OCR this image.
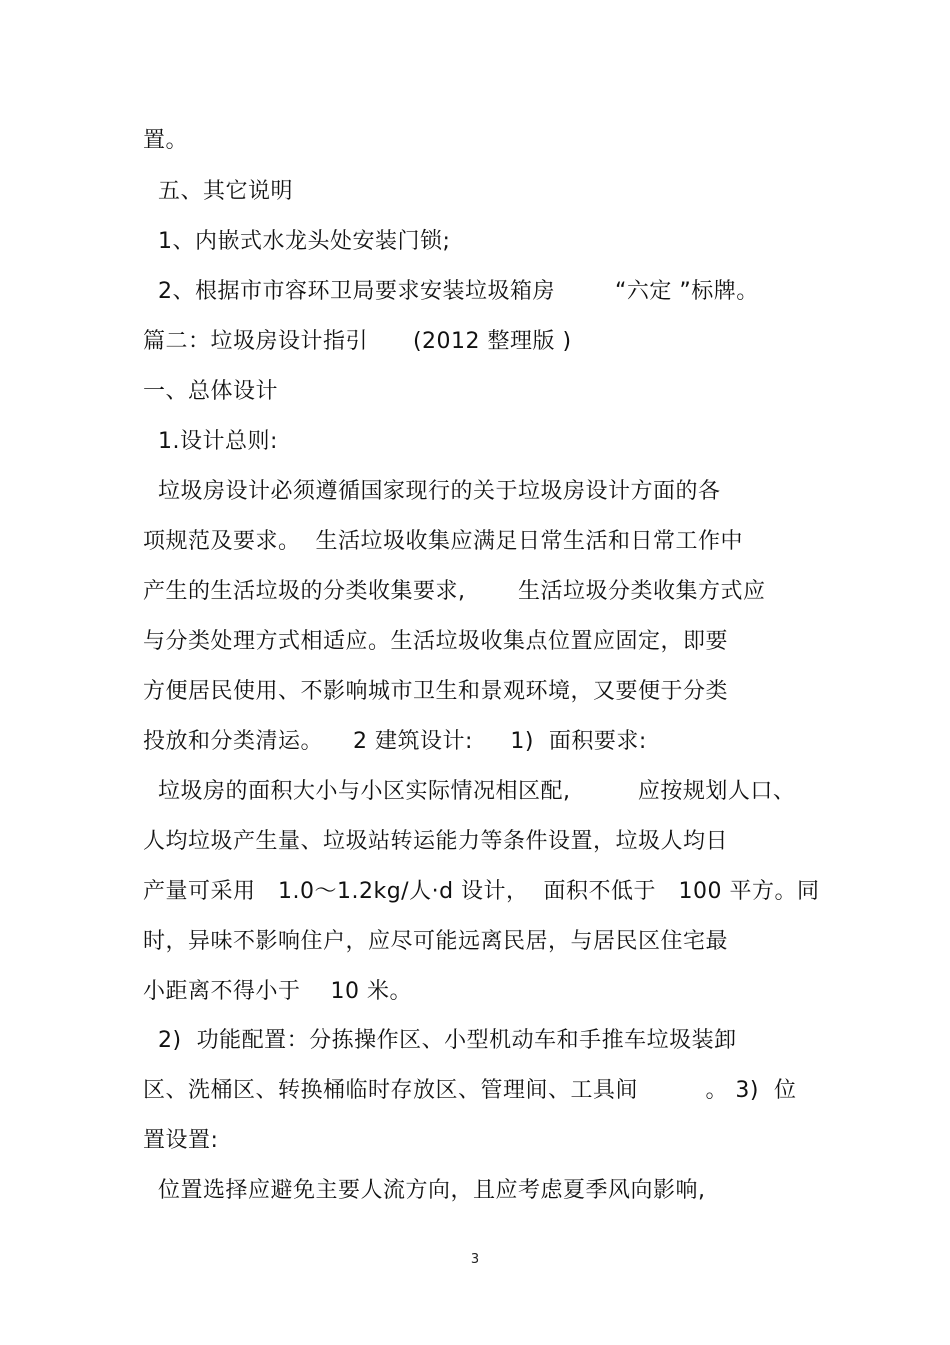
置。
五、其它说明
1、内嵌式水龙头处安装门锁;
2、根据市市容环卫局要求安装垃圾箱房        “六定 ”标牌。
篇二：垃圾房设计指引      (2012 整理版 )
一、总体设计
1.设计总则:
垃圾房设计必须遵循国家现行的关于垃圾房设计方面的各
项规范及要求。  生活垃圾收集应满足日常生活和日常工作中
产生的生活垃圾的分类收集要求,       生活垃圾分类收集方式应
与分类处理方式相适应。生活垃圾收集点位置应固定，即要
方便居民使用、不影响城市卫生和景观环境，又要便于分类
投放和分类清运。    2 建筑设计:     1)  面积要求:
垃圾房的面积大小与小区实际情况相区配,         应按规划人口、
人均垃圾产生量、垃圾站转运能力等条件设置，垃圾人均日
产量可采用   1.0～1.2kg/人·d 设计，  面积不低于   100 平方。同
时，异味不影响住户，应尽可能远离民居，与居民区住宅最
小距离不得小于    10 米。
2)  功能配置：分拣操作区、小型机动车和手推车垃圾装卸
区、洗桶区、转换桶临时存放区、管理间、工具间         。 3)  位
置设置:
位置选择应避免主要人流方向，且应考虑夏季风向影响,
3
